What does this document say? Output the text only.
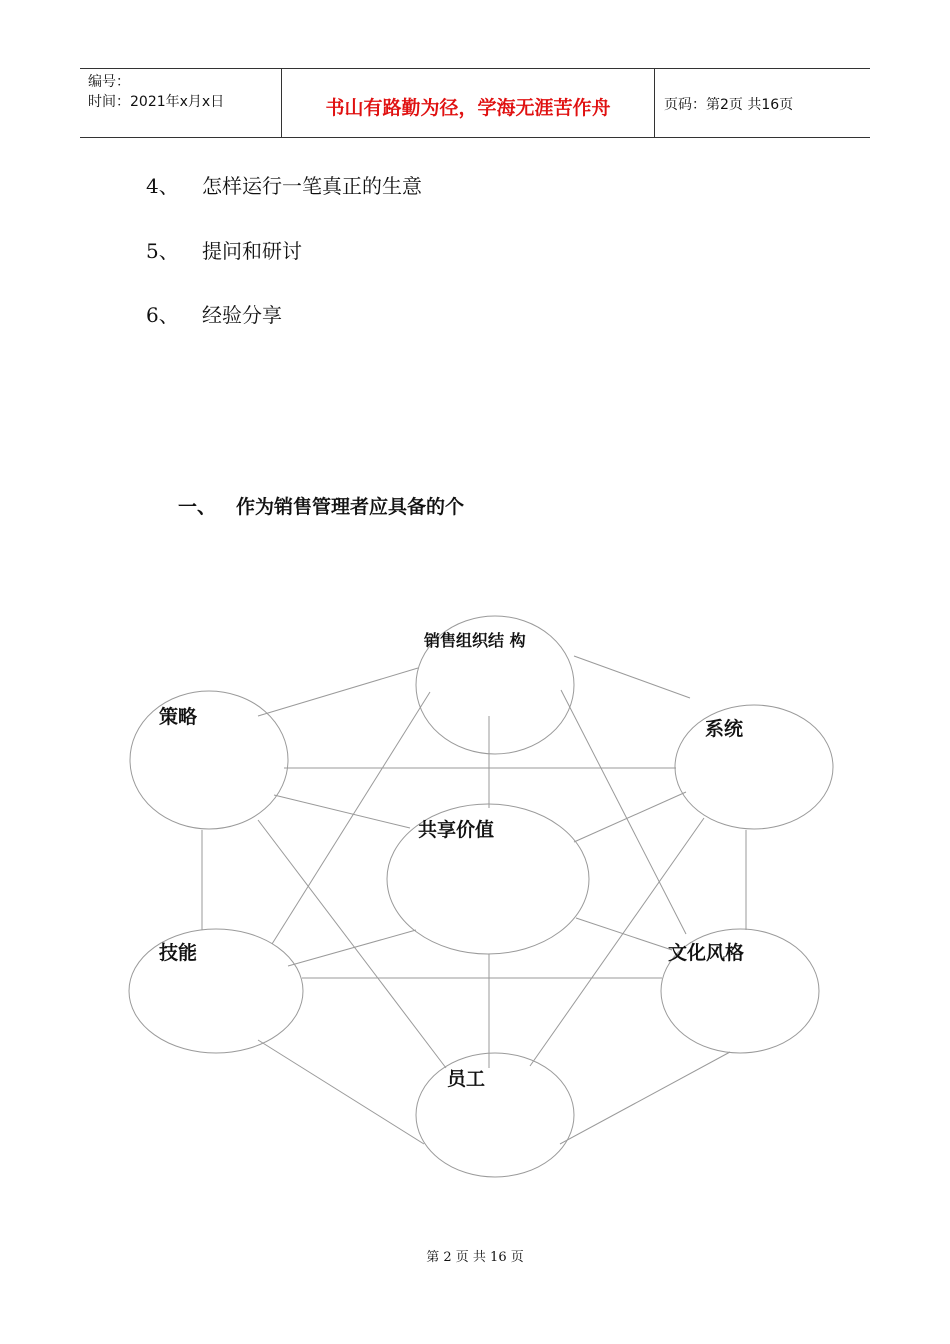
编号：
时间：2021年x月x日	书山有路勤为径，学海无涯苦作舟	页码：第2页 共16页
4、 怎样运行一笔真正的生意
5、 提问和研讨
6、 经验分享
一、 作为销售管理者应具备的个
销售组织结 构
策略
系统
共享价值
技能	文化风格
员工
第 2 页 共 16 页
